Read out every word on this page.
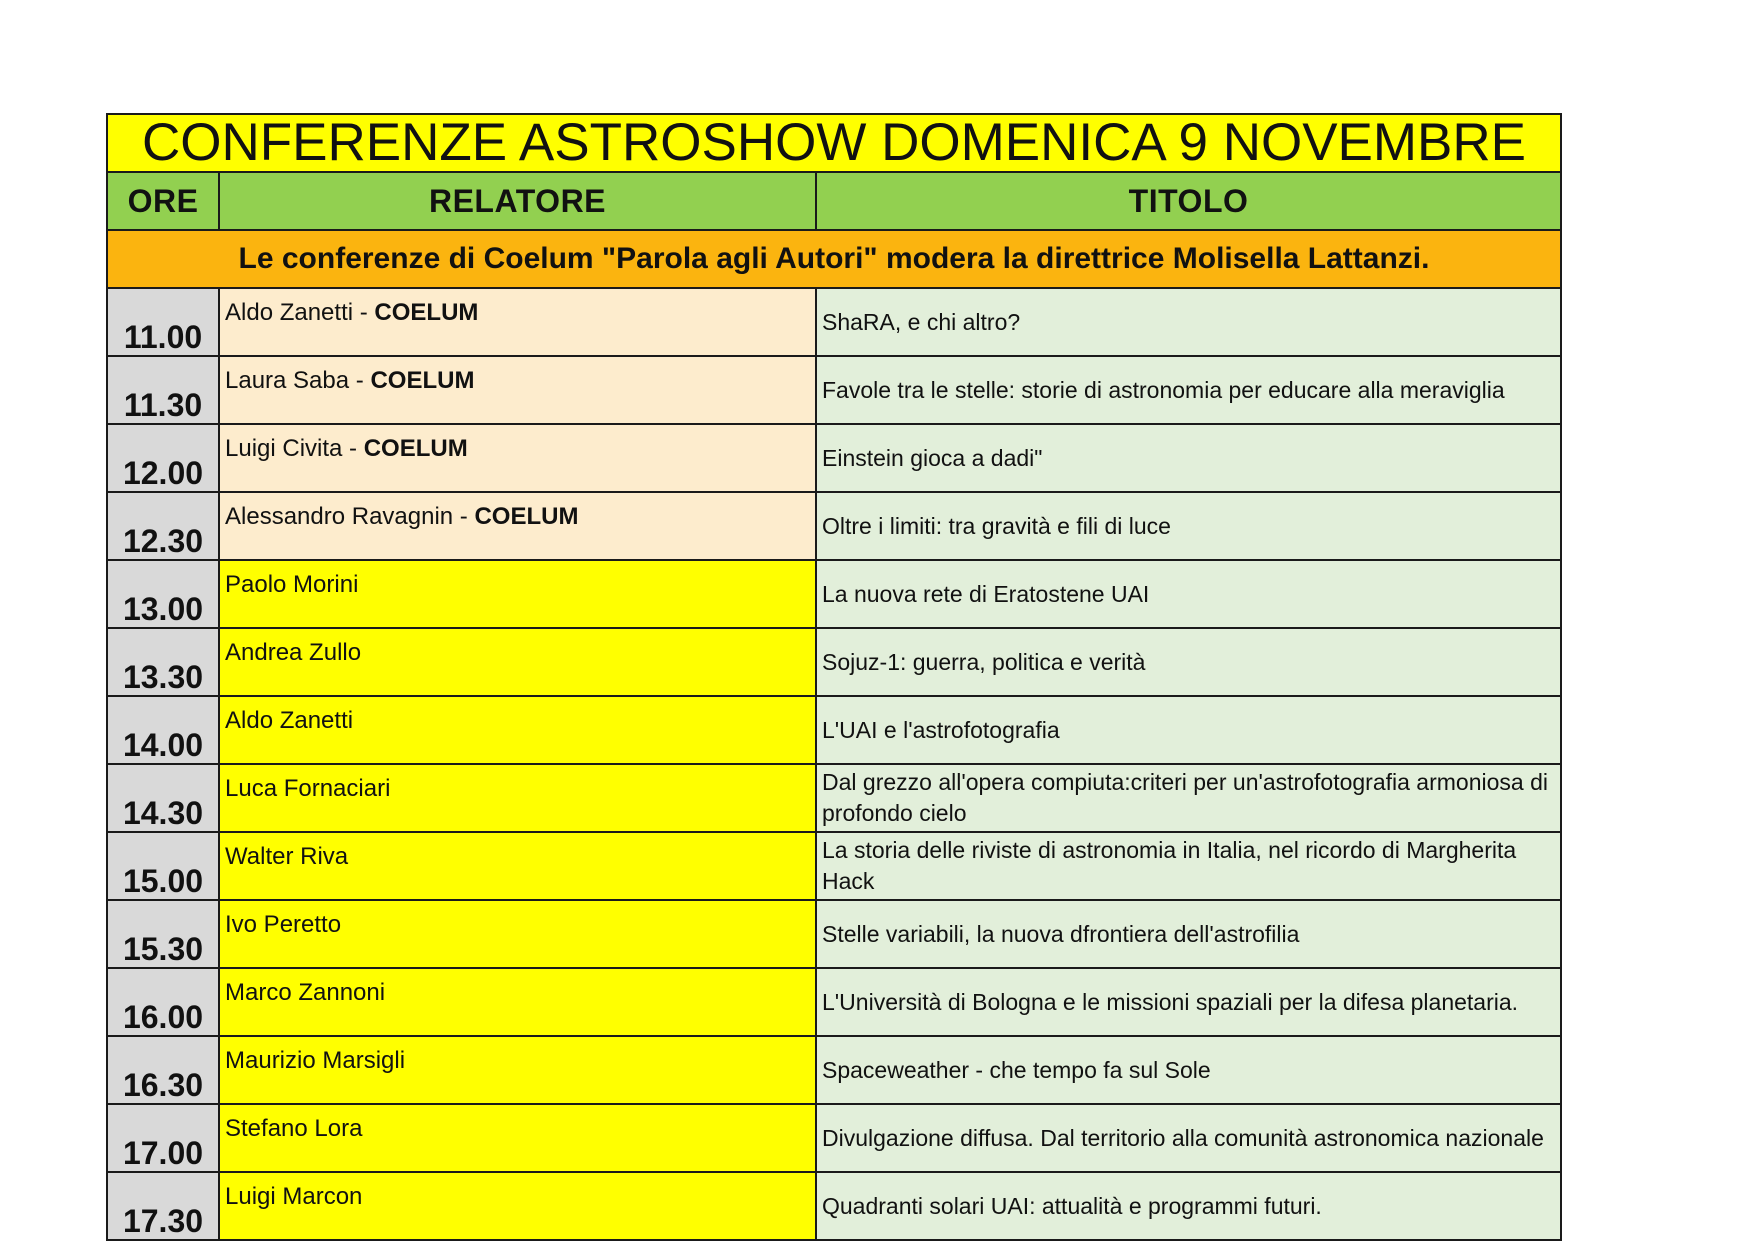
CONFERENZE ASTROSHOW DOMENICA 9 NOVEMBRE		
ORE	RELATORE	TITOLO
Le conferenze di Coelum "Parola agli Autori" modera la direttrice Molisella Lattanzi.		
11.00	Aldo Zanetti - COELUM	ShaRA, e chi altro?
11.30	Laura Saba - COELUM	Favole tra le stelle: storie di astronomia per educare alla meraviglia
12.00	Luigi Civita - COELUM	Einstein gioca a dadi"
12.30	Alessandro Ravagnin - COELUM	Oltre i limiti: tra gravità e fili di luce
13.00	Paolo Morini	La nuova rete di Eratostene UAI
13.30	Andrea Zullo	Sojuz-1: guerra, politica e verità
14.00	Aldo Zanetti	L'UAI e l'astrofotografia
14.30	Luca Fornaciari	Dal grezzo all'opera compiuta:criteri per un'astrofotografia armoniosa di profondo cielo
15.00	Walter Riva	La storia delle riviste di astronomia in Italia, nel ricordo di Margherita Hack
15.30	Ivo Peretto	Stelle variabili, la nuova dfrontiera dell'astrofilia
16.00	Marco Zannoni	L'Università di Bologna e le missioni spaziali per la difesa planetaria.
16.30	Maurizio Marsigli	Spaceweather - che tempo fa sul Sole
17.00	Stefano Lora	Divulgazione diffusa. Dal territorio alla comunità astronomica nazionale
17.30	Luigi Marcon	Quadranti solari UAI: attualità e programmi futuri.
